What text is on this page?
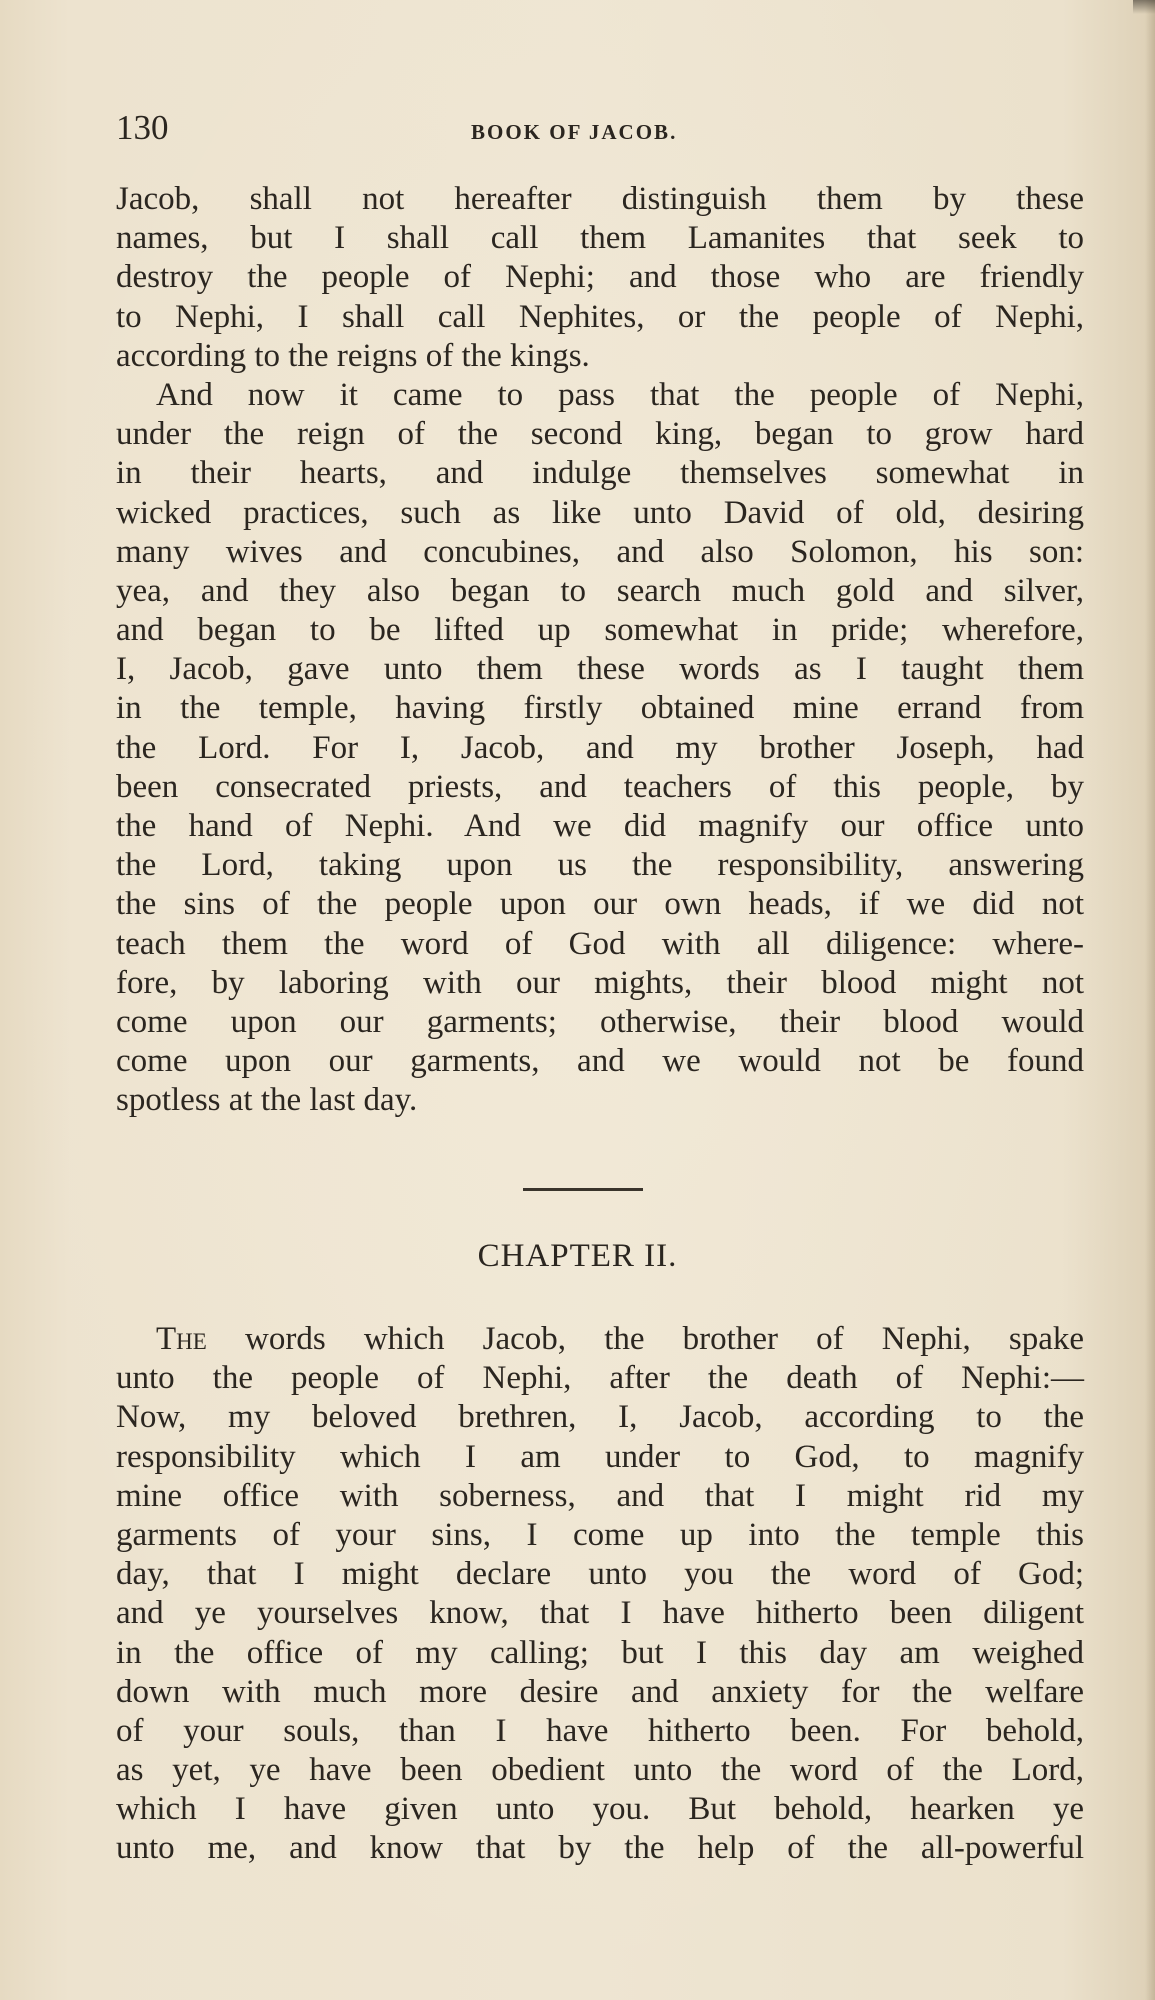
130	BOOK OF JACOB.
Jacob, shall not hereafter distinguish them by these
names, but I shall call them Lamanites that seek to
destroy the people of Nephi; and those who are friendly
to Nephi, I shall call Nephites, or the people of Nephi,
according to the reigns of the kings.
And now it came to pass that the people of Nephi,
under the reign of the second king, began to grow hard
in their hearts, and indulge themselves somewhat in
wicked practices, such as like unto David of old, desiring
many wives and concubines, and also Solomon, his son:
yea, and they also began to search much gold and silver,
and began to be lifted up somewhat in pride; wherefore,
I, Jacob, gave unto them these words as I taught them
in the temple, having firstly obtained mine errand from
the Lord. For I, Jacob, and my brother Joseph, had
been consecrated priests, and teachers of this people, by
the hand of Nephi. And we did magnify our office unto
the Lord, taking upon us the responsibility, answering
the sins of the people upon our own heads, if we did not
teach them the word of God with all diligence: where-
fore, by laboring with our mights, their blood might not
come upon our garments; otherwise, their blood would
come upon our garments, and we would not be found
spotless at the last day.
CHAPTER II.
The words which Jacob, the brother of Nephi, spake
unto the people of Nephi, after the death of Nephi:—
Now, my beloved brethren, I, Jacob, according to the
responsibility which I am under to God, to magnify
mine office with soberness, and that I might rid my
garments of your sins, I come up into the temple this
day, that I might declare unto you the word of God;
and ye yourselves know, that I have hitherto been diligent
in the office of my calling; but I this day am weighed
down with much more desire and anxiety for the welfare
of your souls, than I have hitherto been. For behold,
as yet, ye have been obedient unto the word of the Lord,
which I have given unto you. But behold, hearken ye
unto me, and know that by the help of the all-powerful
